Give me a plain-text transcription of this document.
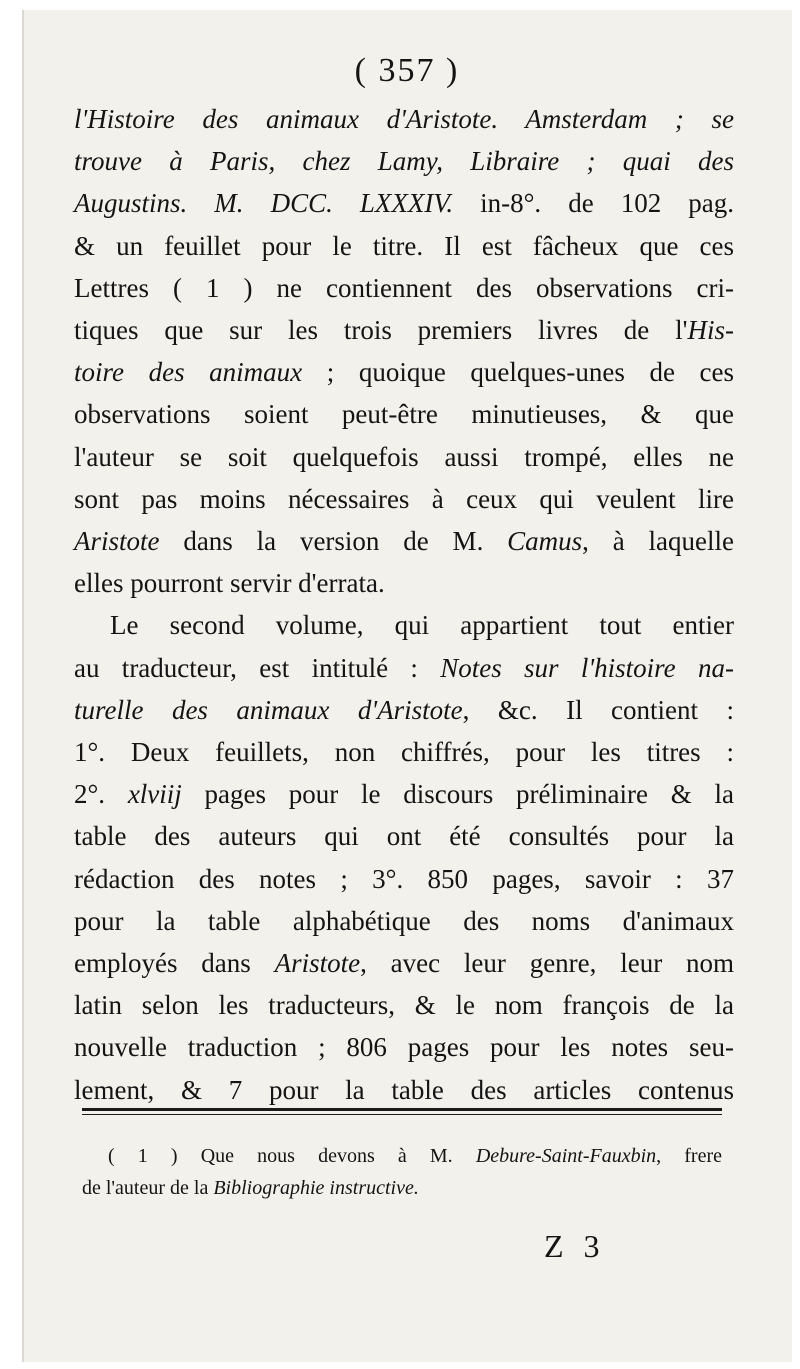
( 357 )
l'Histoire des animaux d'Aristote. Amsterdam ; se
trouve à Paris, chez Lamy, Libraire ; quai des
Augustins. M. DCC. LXXXIV. in-8°. de 102 pag.
& un feuillet pour le titre. Il est fâcheux que ces
Lettres ( 1 ) ne contiennent des observations cri-
tiques que sur les trois premiers livres de l'His-
toire des animaux ; quoique quelques-unes de ces
observations soient peut-être minutieuses, & que
l'auteur se soit quelquefois aussi trompé, elles ne
sont pas moins nécessaires à ceux qui veulent lire
Aristote dans la version de M. Camus, à laquelle
elles pourront servir d'errata.
Le second volume, qui appartient tout entier
au traducteur, est intitulé : Notes sur l'histoire na-
turelle des animaux d'Aristote, &c. Il contient :
1°. Deux feuillets, non chiffrés, pour les titres :
2°. xlviij pages pour le discours préliminaire & la
table des auteurs qui ont été consultés pour la
rédaction des notes ; 3°. 850 pages, savoir : 37
pour la table alphabétique des noms d'animaux
employés dans Aristote, avec leur genre, leur nom
latin selon les traducteurs, & le nom françois de la
nouvelle traduction ; 806 pages pour les notes seu-
lement, & 7 pour la table des articles contenus
( 1 ) Que nous devons à M. Debure-Saint-Fauxbin, frere
de l'auteur de la Bibliographie instructive.
Z 3
